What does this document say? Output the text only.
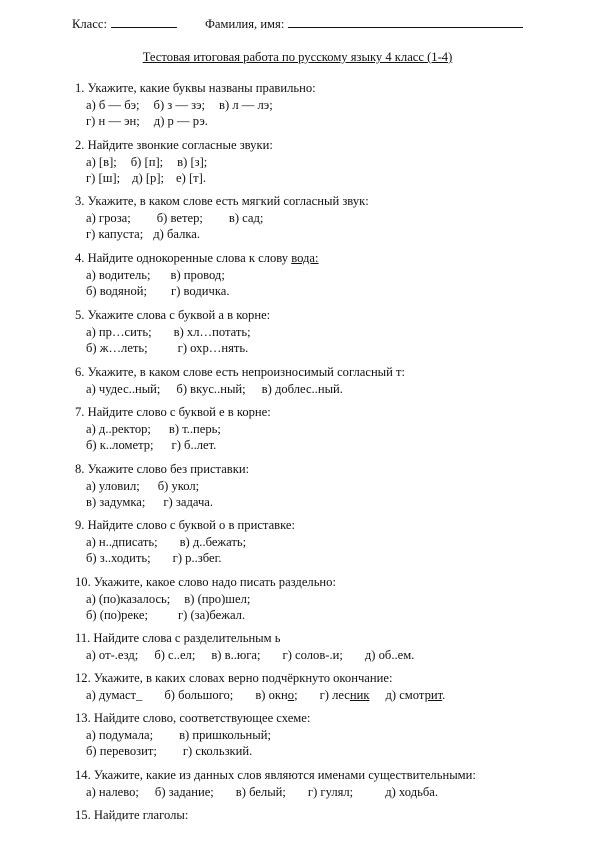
Класс:	Фамилия, имя:
Тестовая итоговая работа по русскому языку 4 класс (1-4)
1. Укажите, какие буквы названы правильно:
а) б — бэ; б) з — зэ; в) л — лэ;
г) н — эн; д) р — рэ.
2. Найдите звонкие согласные звуки:
а) [в]; б) [п]; в) [з];
г) [ш]; д) [р]; е) [т].
3. Укажите, в каком слове есть мягкий согласный звук:
а) гроза; б) ветер; в) сад;
г) капуста; д) балка.
4. Найдите однокоренные слова к слову вода:
а) водитель; в) провод;
б) водяной; г) водичка.
5. Укажите слова с буквой а в корне:
а) пр…сить; в) хл…потать;
б) ж…леть; г) охр…нять.
6. Укажите, в каком слове есть непроизносимый согласный т:
а) чудес..ный; б) вкус..ный; в) доблес..ный.
7. Найдите слово с буквой е в корне:
а) д..ректор; в) т..перь;
б) к..лометр; г) б..лет.
8. Укажите слово без приставки:
а) уловил; б) укол;
в) задумка; г) задача.
9. Найдите слово с буквой о в приставке:
а) н..дписать; в) д..бежать;
б) з..ходить; г) р..збег.
10. Укажите, какое слово надо писать раздельно:
а) (по)казалось; в) (про)шел;
б) (по)реке; г) (за)бежал.
11. Найдите слова с разделительным ь
а) от-.езд; б) с..ел; в) в..юга; г) солов-.и; д) об..ем.
12. Укажите, в каких словах верно подчёркнуто окончание:
а) думаст_ б) большого; в) окно; г) лесник д) смотрит.
13. Найдите слово, соответствующее схеме:
а) подумала; в) пришкольный;
б) перевозит; г) скользкий.
14. Укажите, какие из данных слов являются именами существительными:
а) налево; б) задание; в) белый; г) гулял;	д) ходьба.
15. Найдите глаголы:
